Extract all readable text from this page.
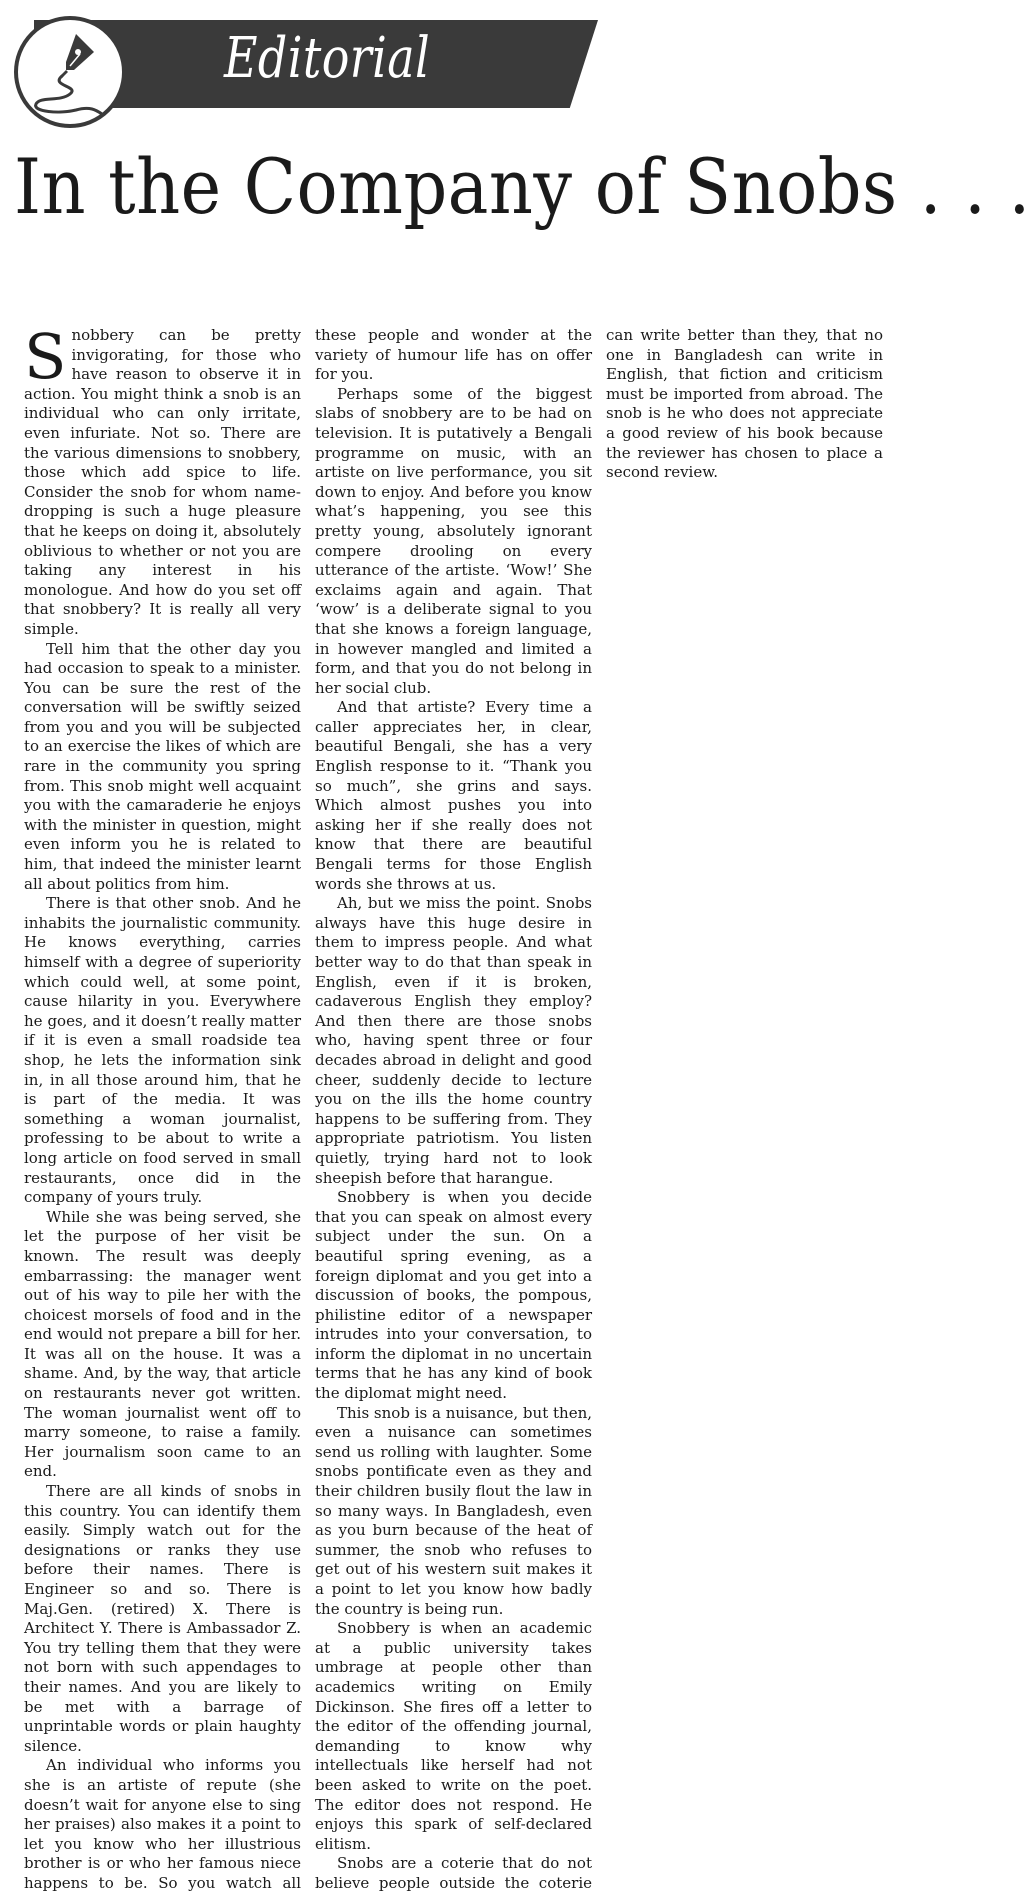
Editorial
In the Company of Snobs . . .

Snobbery can be pretty invigorating, for those who have reason to observe it in action. You might think a snob is an individual who can only irritate, even infuriate. Not so. There are the various dimensions to snobbery, those which add spice to life. Consider the snob for whom name-dropping is such a huge pleasure that he keeps on doing it, absolutely oblivious to whether or not you are taking any interest in his monologue. And how do you set off that snobbery? It is really all very simple.

Tell him that the other day you had occasion to speak to a minister. You can be sure the rest of the conversation will be swiftly seized from you and you will be subjected to an exercise the likes of which are rare in the community you spring from. This snob might well acquaint you with the camaraderie he enjoys with the minister in question, might even inform you he is related to him, that indeed the minister learnt all about politics from him.

There is that other snob. And he inhabits the journalistic community. He knows everything, carries himself with a degree of superiority which could well, at some point, cause hilarity in you. Everywhere he goes, and it doesn’t really matter if it is even a small roadside tea shop, he lets the information sink in, in all those around him, that he is part of the media. It was something a woman journalist, professing to be about to write a long article on food served in small restaurants, once did in the company of yours truly.

While she was being served, she let the purpose of her visit be known. The result was deeply embarrassing: the manager went out of his way to pile her with the choicest morsels of food and in the end would not prepare a bill for her. It was all on the house. It was a shame. And, by the way, that article on restaurants never got written. The woman journalist went off to marry someone, to raise a family. Her journalism soon came to an end.

There are all kinds of snobs in this country. You can identify them easily. Simply watch out for the designations or ranks they use before their names. There is Engineer so and so. There is Maj.Gen. (retired) X. There is Architect Y. There is Ambassador Z. You try telling them that they were not born with such appendages to their names. And you are likely to be met with a barrage of unprintable words or plain haughty silence.

An individual who informs you she is an artiste of repute (she doesn’t wait for anyone else to sing her praises) also makes it a point to let you know who her illustrious brother is or who her famous niece happens to be. So you watch all these people and wonder at the variety of humour life has on offer for you.

Perhaps some of the biggest slabs of snobbery are to be had on television. It is putatively a Bengali programme on music, with an artiste on live performance, you sit down to enjoy. And before you know what’s happening, you see this pretty young, absolutely ignorant compere drooling on every utterance of the artiste. ‘Wow!’ She exclaims again and again. That ‘wow’ is a deliberate signal to you that she knows a foreign language, in however mangled and limited a form, and that you do not belong in her social club.

And that artiste? Every time a caller appreciates her, in clear, beautiful Bengali, she has a very English response to it. “Thank you so much”, she grins and says. Which almost pushes you into asking her if she really does not know that there are beautiful Bengali terms for those English words she throws at us.

Ah, but we miss the point. Snobs always have this huge desire in them to impress people. And what better way to do that than speak in English, even if it is broken, cadaverous English they employ? And then there are those snobs who, having spent three or four decades abroad in delight and good cheer, suddenly decide to lecture you on the ills the home country happens to be suffering from. They appropriate patriotism. You listen quietly, trying hard not to look sheepish before that harangue.

Snobbery is when you decide that you can speak on almost every subject under the sun. On a beautiful spring evening, as a foreign diplomat and you get into a discussion of books, the pompous, philistine editor of a newspaper intrudes into your conversation, to inform the diplomat in no uncertain terms that he has any kind of book the diplomat might need.

This snob is a nuisance, but then, even a nuisance can sometimes send us rolling with laughter. Some snobs pontificate even as they and their children busily flout the law in so many ways. In Bangladesh, even as you burn because of the heat of summer, the snob who refuses to get out of his western suit makes it a point to let you know how badly the country is being run.

Snobbery is when an academic at a public university takes umbrage at people other than academics writing on Emily Dickinson. She fires off a letter to the editor of the offending journal, demanding to know why intellectuals like herself had not been asked to write on the poet. The editor does not respond. He enjoys this spark of self-declared elitism.

Snobs are a coterie that do not believe people outside the coterie can write better than they, that no one in Bangladesh can write in English, that fiction and criticism must be imported from abroad. The snob is he who does not appreciate a good review of his book because the reviewer has chosen to place a second review.
